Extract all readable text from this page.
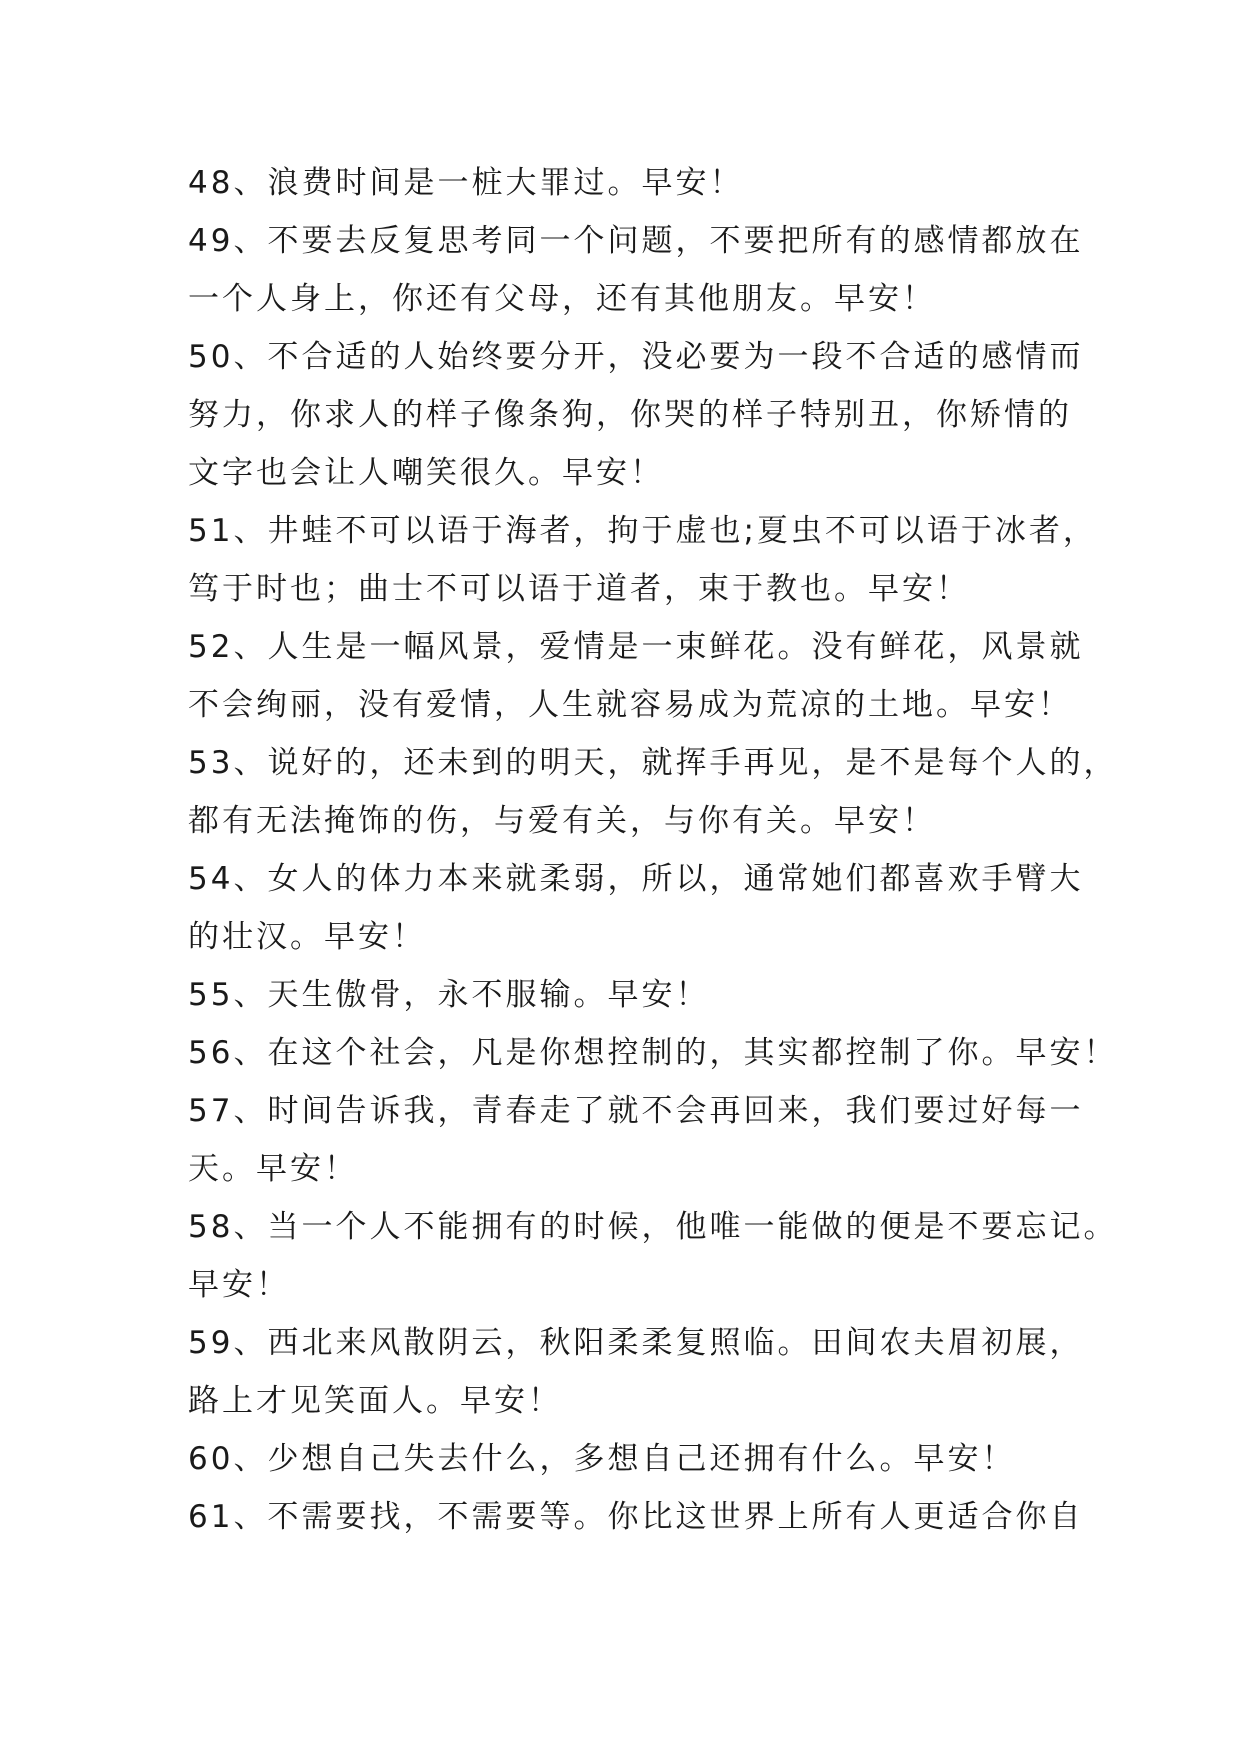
48、浪费时间是一桩大罪过。早安！
49、不要去反复思考同一个问题，不要把所有的感情都放在
一个人身上，你还有父母，还有其他朋友。早安！
50、不合适的人始终要分开，没必要为一段不合适的感情而
努力，你求人的样子像条狗，你哭的样子特别丑，你矫情的
文字也会让人嘲笑很久。早安！
51、井蛙不可以语于海者，拘于虚也;夏虫不可以语于冰者，
笃于时也；曲士不可以语于道者，束于教也。早安！
52、人生是一幅风景，爱情是一束鲜花。没有鲜花，风景就
不会绚丽，没有爱情，人生就容易成为荒凉的土地。早安！
53、说好的，还未到的明天，就挥手再见，是不是每个人的，
都有无法掩饰的伤，与爱有关，与你有关。早安！
54、女人的体力本来就柔弱，所以，通常她们都喜欢手臂大
的壮汉。早安！
55、天生傲骨，永不服输。早安！
56、在这个社会，凡是你想控制的，其实都控制了你。早安！
57、时间告诉我，青春走了就不会再回来，我们要过好每一
天。早安！
58、当一个人不能拥有的时候，他唯一能做的便是不要忘记。
早安！
59、西北来风散阴云，秋阳柔柔复照临。田间农夫眉初展，
路上才见笑面人。早安！
60、少想自己失去什么，多想自己还拥有什么。早安！
61、不需要找，不需要等。你比这世界上所有人更适合你自
